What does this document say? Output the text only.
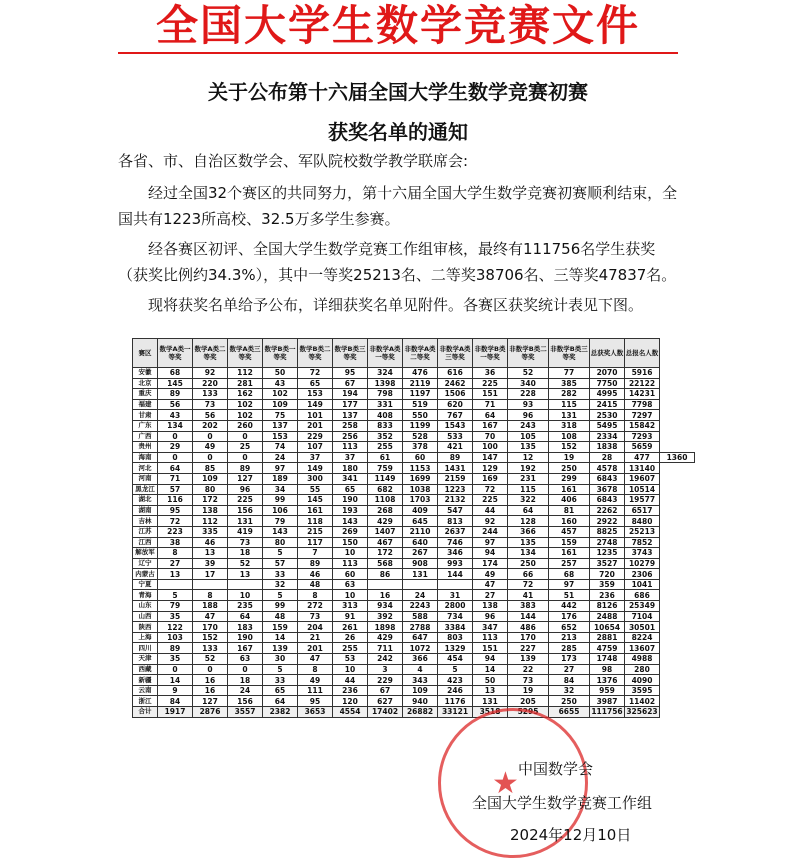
全国大学生数学竞赛文件
关于公布第十六届全国大学生数学竞赛初赛
获奖名单的通知
各省、市、自治区数学会、军队院校数学教学联席会:
经过全国32个赛区的共同努力，第十六届全国大学生数学竞赛初赛顺利结束，全国共有1223所高校、32.5万多学生参赛。
经各赛区初评、全国大学生数学竞赛工作组审核，最终有111756名学生获奖（获奖比例约34.3%），其中一等奖25213名、二等奖38706名、三等奖47837名。
现将获奖名单给予公布，详细获奖名单见附件。各赛区获奖统计表见下图。
赛区	数学A类一等奖	数学A类二等奖	数学A类三等奖	数学B类一等奖	数学B类二等奖	数学B类三等奖	非数学A类一等奖	非数学A类二等奖	非数学A类三等奖	非数学B类一等奖	非数学B类二等奖	非数学B类三等奖	总获奖人数	总报名人数	
安徽	68	92	112	50	72	95	324	476	616	36	52	77	2070	5916	
北京	145	220	281	43	65	67	1398	2119	2462	225	340	385	7750	22122	
重庆	89	133	162	102	153	194	798	1197	1506	151	228	282	4995	14231	
福建	56	73	102	109	149	177	331	519	620	71	93	115	2415	7798	
甘肃	43	56	102	75	101	137	408	550	767	64	96	131	2530	7297	
广东	134	202	260	137	201	258	833	1199	1543	167	243	318	5495	15842	
广西	0	0	0	153	229	256	352	528	533	70	105	108	2334	7293	
贵州	29	49	25	74	107	113	255	378	421	100	135	152	1838	5659	
海南	0	0	0	24	37	37	61	60	89	147	12	19	28	477	1360
河北	64	85	89	97	149	180	759	1153	1431	129	192	250	4578	13140	
河南	71	109	127	189	300	341	1149	1699	2159	169	231	299	6843	19607	
黑龙江	57	80	96	34	55	65	682	1038	1223	72	115	161	3678	10514	
湖北	116	172	225	99	145	190	1108	1703	2132	225	322	406	6843	19577	
湖南	95	138	156	106	161	193	268	409	547	44	64	81	2262	6517	
吉林	72	112	131	79	118	143	429	645	813	92	128	160	2922	8480	
江苏	223	335	419	143	215	269	1407	2110	2637	244	366	457	8825	25213	
江西	38	46	73	80	117	150	467	640	746	97	135	159	2748	7852	
解放军	8	13	18	5	7	10	172	267	346	94	134	161	1235	3743	
辽宁	27	39	52	57	89	113	568	908	993	174	250	257	3527	10279	
内蒙古	13	17	13	33	46	60	86	131	144	49	66	68	720	2306	
宁夏				32	48	63				47	72	97	359	1041	
青海	5	8	10	5	8	10	16	24	31	27	41	51	236	686	
山东	79	188	235	99	272	313	934	2243	2800	138	383	442	8126	25349	
山西	35	47	64	48	73	91	392	588	734	96	144	176	2488	7104	
陕西	122	170	183	159	204	261	1898	2788	3384	347	486	652	10654	30501	
上海	103	152	190	14	21	26	429	647	803	113	170	213	2881	8224	
四川	89	133	167	139	201	255	711	1072	1329	151	227	285	4759	13607	
天津	35	52	63	30	47	53	242	366	454	94	139	173	1748	4988	
西藏	0	0	0	5	8	10	3	4	5	14	22	27	98	280	
新疆	14	16	18	33	49	44	229	343	423	50	73	84	1376	4090	
云南	9	16	24	65	111	236	67	109	246	13	19	32	959	3595	
浙江	84	127	156	64	95	120	627	940	1176	131	205	250	3987	11402	
合计	1917	2876	3557	2382	3653	4554	17402	26882	33121	3518	5295	6655	111756	325623	
★ 中国数学会
全国大学生数学竞赛工作组
2024年12月10日
